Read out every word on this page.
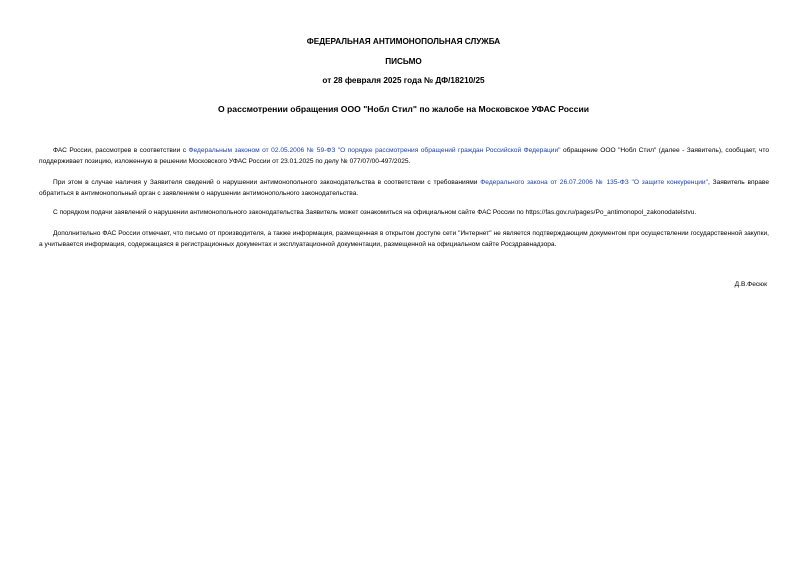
ФЕДЕРАЛЬНАЯ АНТИМОНОПОЛЬНАЯ СЛУЖБА
ПИСЬМО
от 28 февраля 2025 года № ДФ/18210/25
О рассмотрении обращения ООО "Нобл Стил" по жалобе на Московское УФАС России
ФАС России, рассмотрев в соответствии с Федеральным законом от 02.05.2006 № 59-ФЗ "О порядке рассмотрения обращений граждан Российской Федерации" обращение ООО "Нобл Стил" (далее - Заявитель), сообщает, что поддерживает позицию, изложенную в решении Московского УФАС России от 23.01.2025 по делу № 077/07/00-497/2025.
При этом в случае наличия у Заявителя сведений о нарушении антимонопольного законодательства в соответствии с требованиями Федерального закона от 26.07.2006 № 135-ФЗ "О защите конкуренции", Заявитель вправе обратиться в антимонопольный орган с заявлением о нарушении антимонопольного законодательства.
С порядком подачи заявлений о нарушении антимонопольного законодательства Заявитель может ознакомиться на официальном сайте ФАС России по https://fas.gov.ru/pages/Po_antimonopol_zakonodatelstvu.
Дополнительно ФАС России отмечает, что письмо от производителя, а также информация, размещенная в открытом доступе сети "Интернет" не является подтверждающим документом при осуществлении государственной закупки, а учитывается информация, содержащаяся в регистрационных документах и эксплуатационной документации, размещенной на официальном сайте Росздравнадзора.
Д.В.Фесюк
